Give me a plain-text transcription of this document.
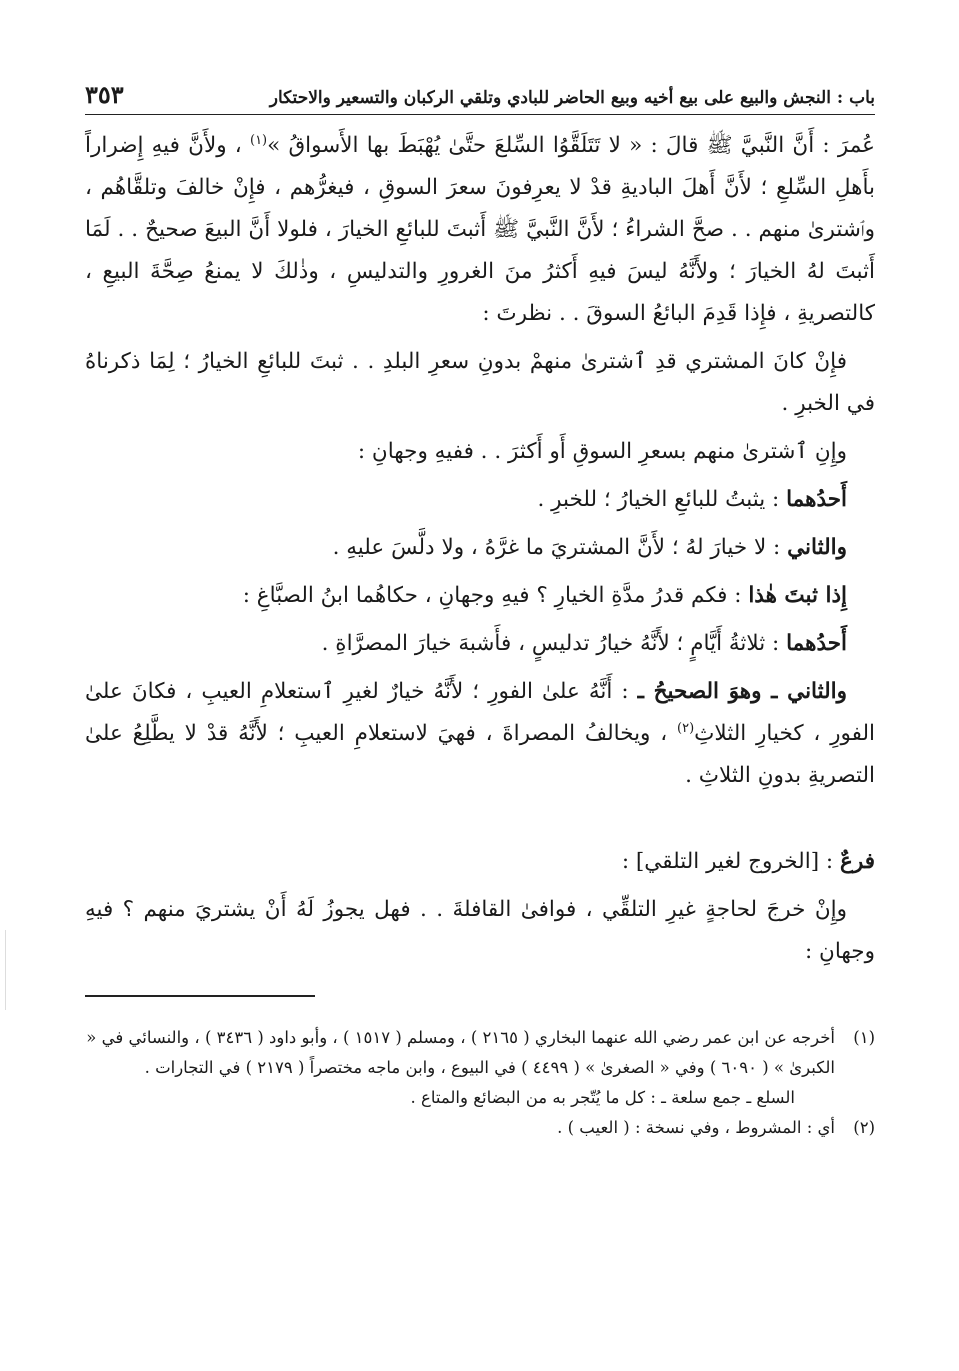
باب : النجش والبيع على بيع أخيه وبيع الحاضر للبادي وتلقي الركبان والتسعير والاحتكار
٣٥٣

عُمرَ : أَنَّ النَّبيَّ ﷺ قالَ : « لا تَتَلَقَّوُا السِّلعَ حتَّىٰ يُهْبَطَ بها الأَسواقُ »$^{(١)}$ ، ولأَنَّ فيهِ إِضراراً بأَهلِ السِّلعِ ؛ لأَنَّ أَهلَ الباديةِ قدْ لا يعرِفونَ سعرَ السوقِ ، فيغرُّهم ، فإِنْ خالفَ وتلقَّاهُم ، وٱشترىٰ منهم . . صحَّ الشراءُ ؛ لأَنَّ النَّبيَّ ﷺ أَثبتَ للبائعِ الخيارَ ، فلولا أَنَّ البيعَ صحيحٌ . . لَمَا أَثبتَ لهُ الخيارَ ؛ ولأَنَّهُ ليسَ فيهِ أَكثرُ منَ الغرورِ والتدليسِ ، وذٰلكَ لا يمنعُ صِحَّةَ البيعِ ، كالتصريةِ ، فإِذا قَدِمَ البائعُ السوقَ . . نظرتَ :

فإِنْ كانَ المشتري قدِ ٱشترىٰ منهمْ بدونِ سعرِ البلدِ . . ثبتَ للبائعِ الخيارُ ؛ لِمَا ذكرناهُ في الخبرِ .

وإِنِ ٱشترىٰ منهم بسعرِ السوقِ أَو أَكثرَ . . ففيهِ وجهانِ :

أَحدُهما : يثبتُ للبائعِ الخيارُ ؛ للخبرِ .

والثاني : لا خيارَ لهُ ؛ لأَنَّ المشتريَ ما غرَّهُ ، ولا دلَّسَ عليهِ .

إِذا ثبتَ هٰذا : فكم قدرُ مدَّةِ الخيارِ ؟ فيهِ وجهانِ ، حكاهُما ابنُ الصبَّاغِ :

أَحدُهما : ثلاثةُ أَيَّامٍ ؛ لأَنَّهُ خيارُ تدليسٍ ، فأَشبهَ خيارَ المصرَّاةِ .

والثاني ـ وهوَ الصحيحُ ـ : أَنَّهُ علىٰ الفورِ ؛ لأَنَّهُ خيارٌ لغيرِ ٱستعلامِ العيبِ ، فكانَ علىٰ الفورِ ، كخيارِ الثلاثِ$^{(٢)}$ ، ويخالفُ المصراةَ ، فهيَ لاستعلامِ العيبِ ؛ لأَنَّهُ قدْ لا يطَّلِعُ علىٰ التصريةِ بدونِ الثلاثِ .

فرعٌ : [الخروج لغير التلقي] :

وإِنْ خرجَ لحاجةٍ غيرِ التلقِّي ، فوافىٰ القافلةَ . . فهل يجوزُ لَهُ أَنْ يشتريَ منهم ؟ فيهِ وجهانِ :

(١)
أخرجه عن ابن عمر رضي الله عنهما البخاري ( ٢١٦٥ ) ، ومسلم ( ١٥١٧ ) ، وأبو داود ( ٣٤٣٦ ) ، والنسائي في « الكبرىٰ » ( ٦٠٩٠ ) وفي « الصغرىٰ » ( ٤٤٩٩ ) في البيوع ، وابن ماجه مختصراً ( ٢١٧٩ ) في التجارات .
السلع ـ جمع سلعة ـ : كل ما يُتّجر به من البضائع والمتاع .
(٢)
أي : المشروط ، وفي نسخة : ( العيب ) .
